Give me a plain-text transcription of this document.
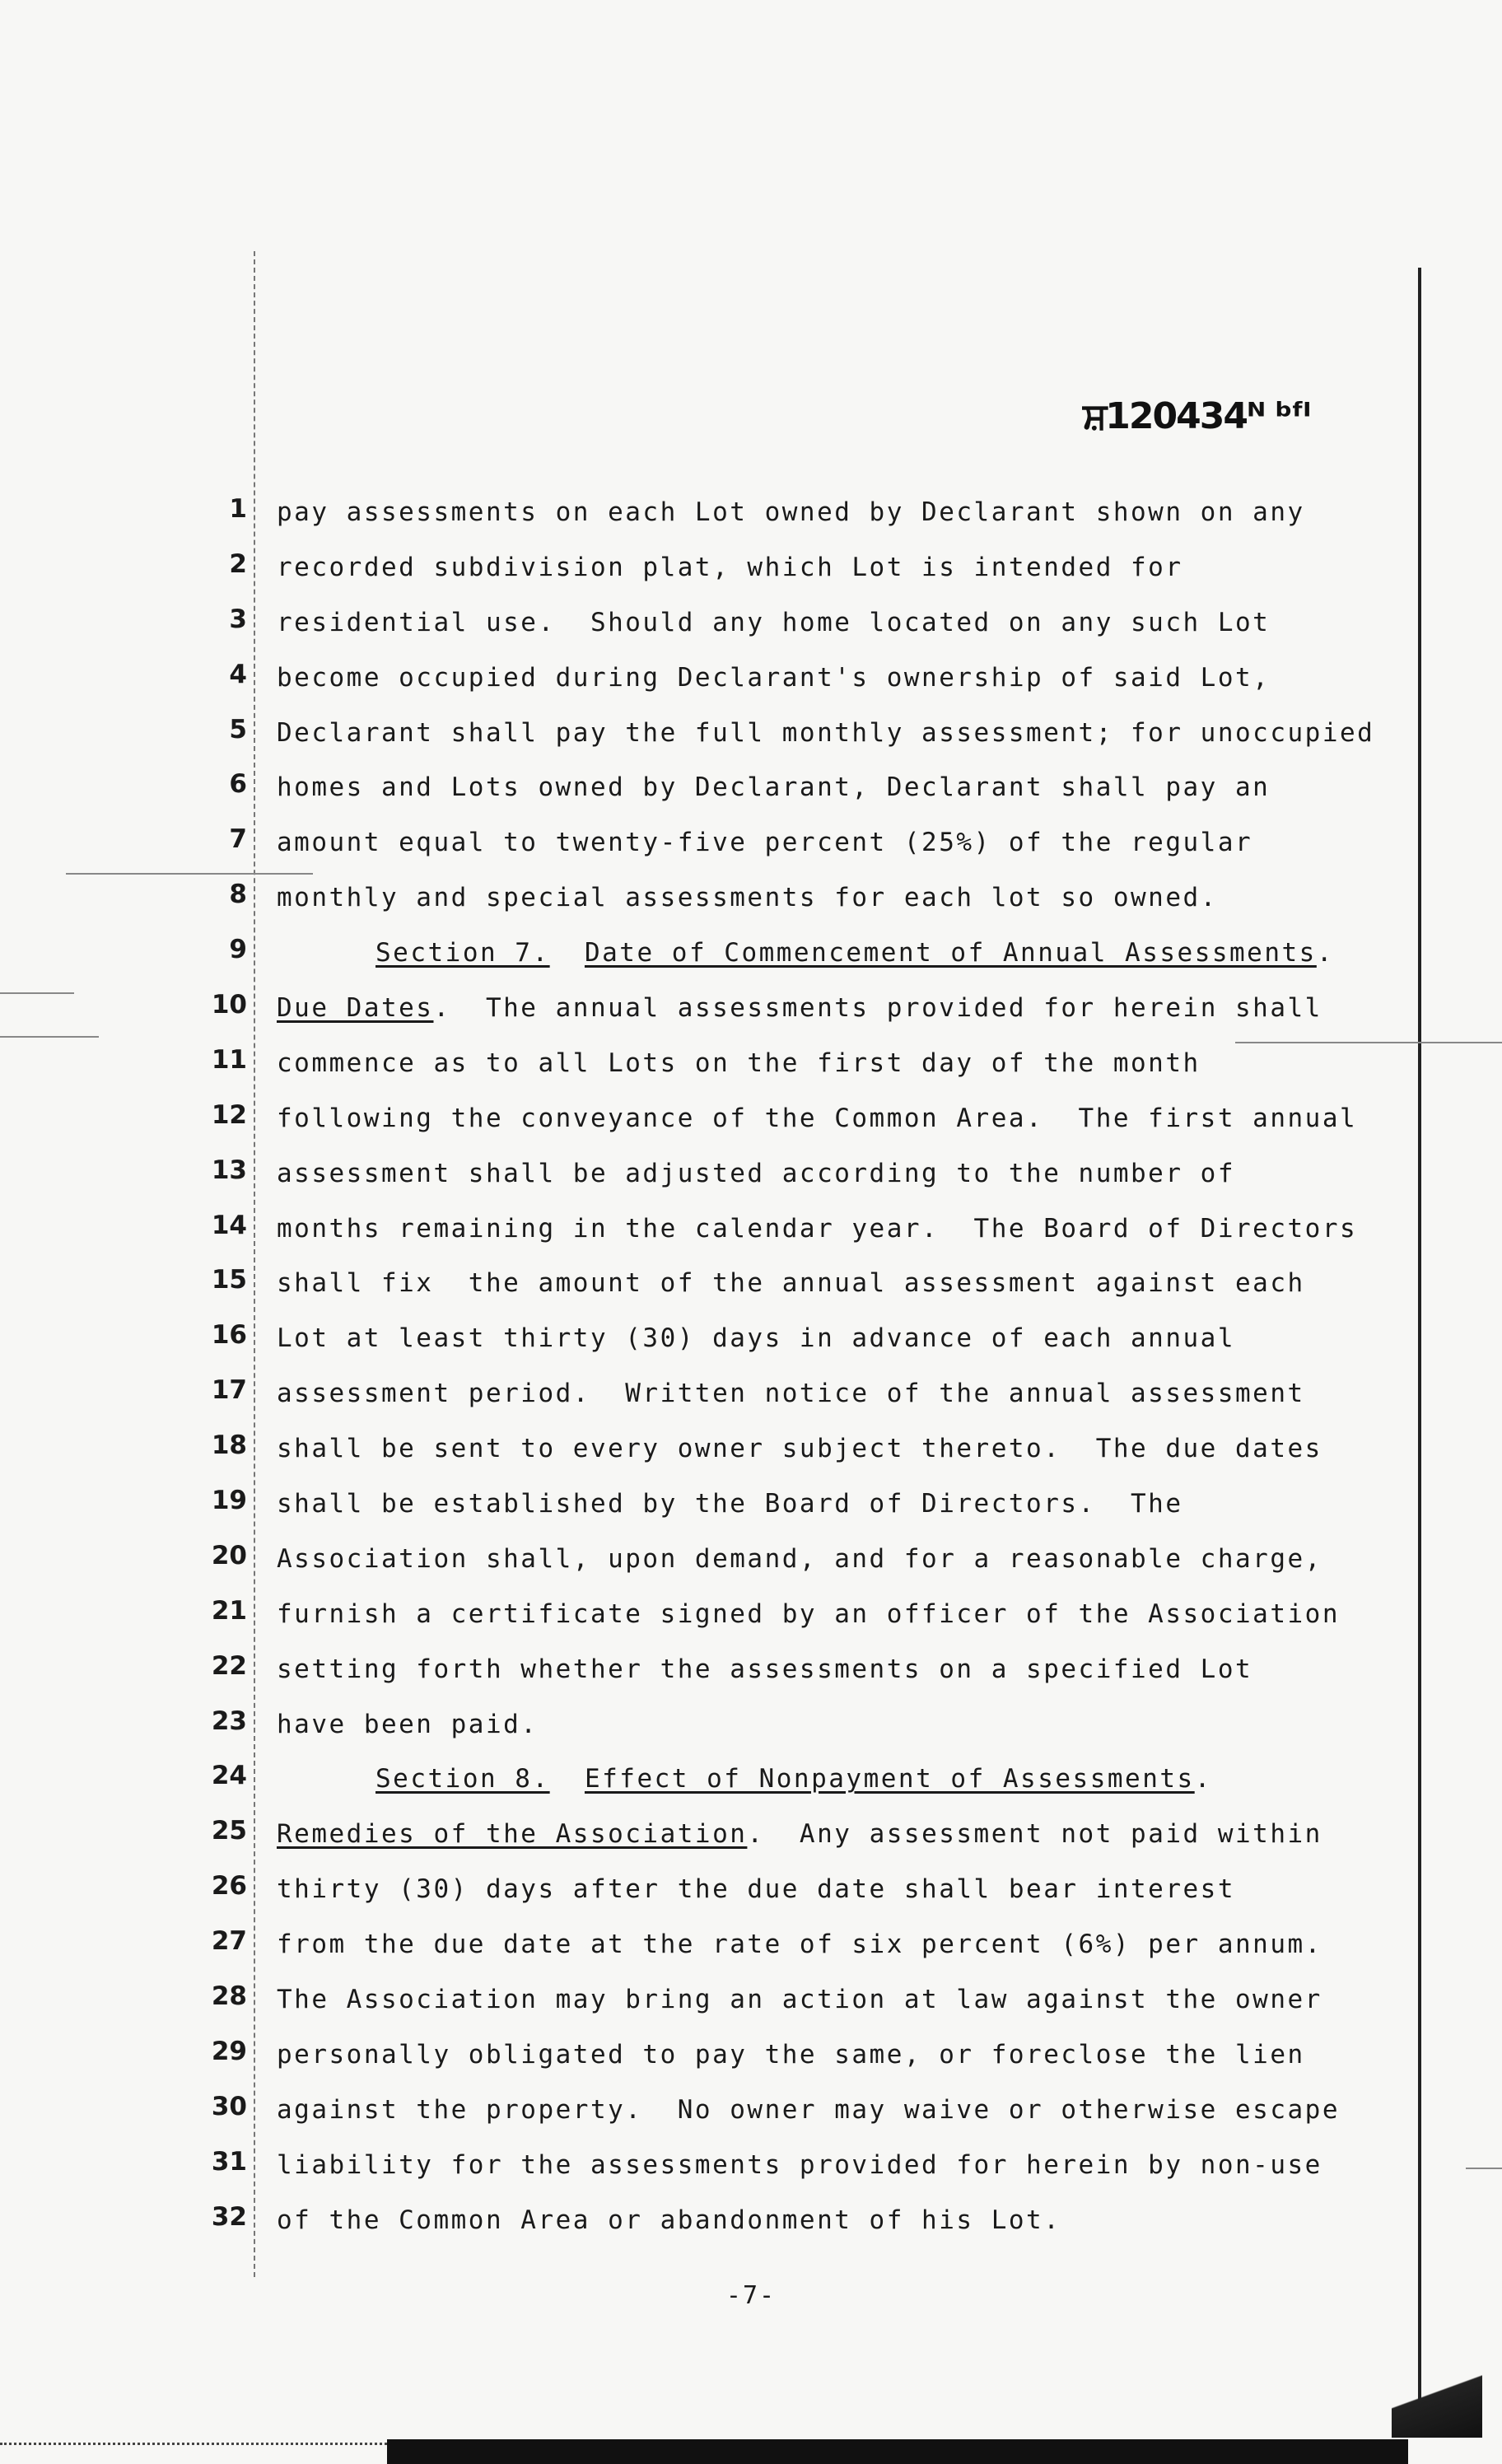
ਸ਼120434ᴺ ᵇᶠᴵ
1 pay assessments on each Lot owned by Declarant shown on any
2 recorded subdivision plat, which Lot is intended for
3 residential use.  Should any home located on any such Lot
4 become occupied during Declarant's ownership of said Lot,
5 Declarant shall pay the full monthly assessment; for unoccupied
6 homes and Lots owned by Declarant, Declarant shall pay an
7 amount equal to twenty-five percent (25%) of the regular
8 monthly and special assessments for each lot so owned.
9	Section 7. Date of Commencement of Annual Assessments.
10 Due Dates.  The annual assessments provided for herein shall
11 commence as to all Lots on the first day of the month
12 following the conveyance of the Common Area.  The first annual
13 assessment shall be adjusted according to the number of
14 months remaining in the calendar year.  The Board of Directors
15 shall fix  the amount of the annual assessment against each
16 Lot at least thirty (30) days in advance of each annual
17 assessment period.  Written notice of the annual assessment
18 shall be sent to every owner subject thereto.  The due dates
19 shall be established by the Board of Directors.  The
20 Association shall, upon demand, and for a reasonable charge,
21 furnish a certificate signed by an officer of the Association
22 setting forth whether the assessments on a specified Lot
23 have been paid.
24	Section 8. Effect of Nonpayment of Assessments.
25 Remedies of the Association.  Any assessment not paid within
26 thirty (30) days after the due date shall bear interest
27 from the due date at the rate of six percent (6%) per annum.
28 The Association may bring an action at law against the owner
29 personally obligated to pay the same, or foreclose the lien
30 against the property.  No owner may waive or otherwise escape
31 liability for the assessments provided for herein by non-use
32 of the Common Area or abandonment of his Lot.
-7-
